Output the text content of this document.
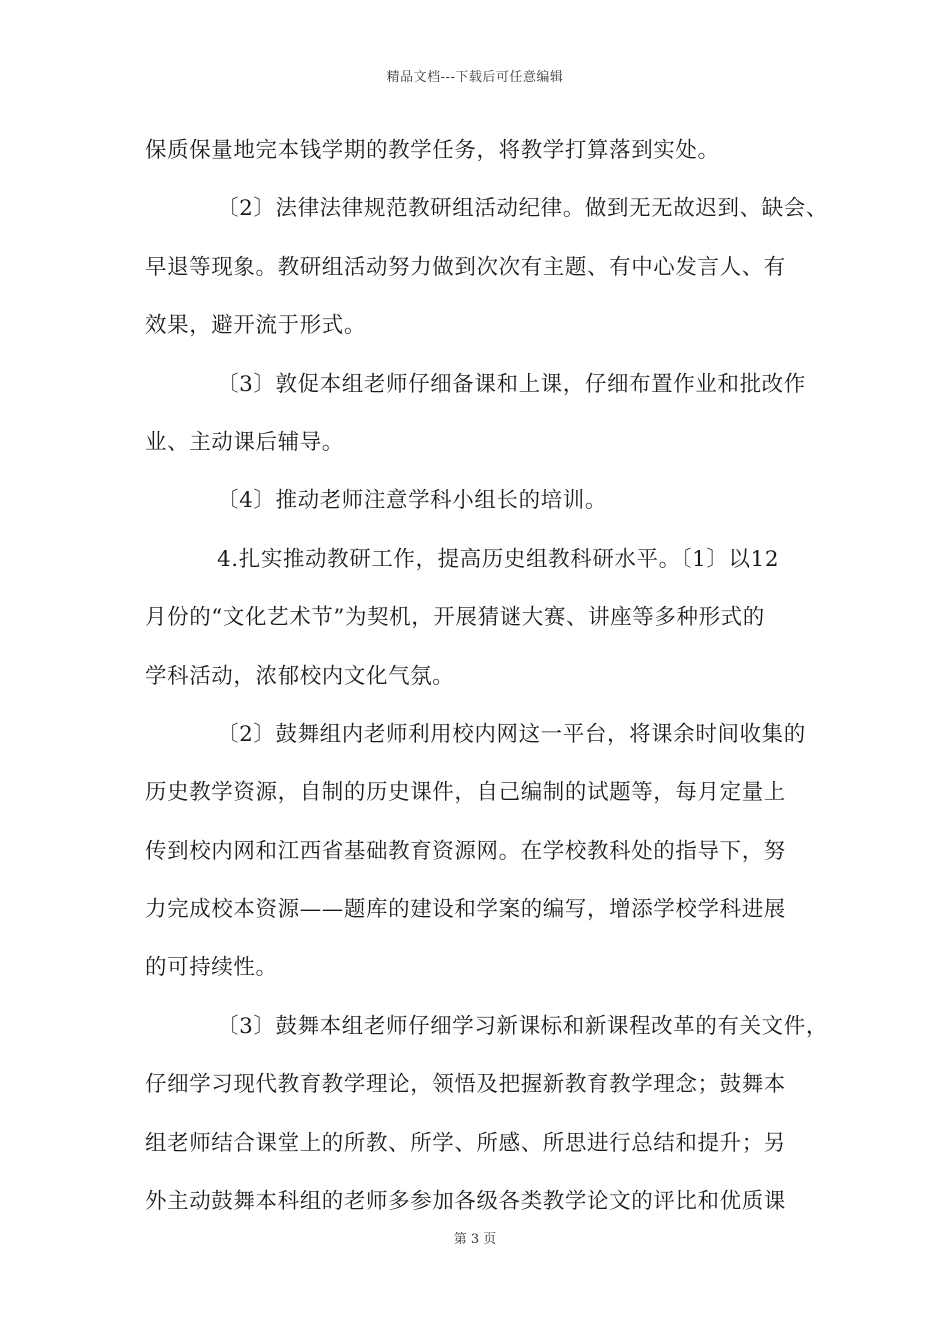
精品文档---下载后可任意编辑
保质保量地完本钱学期的教学任务，将教学打算落到实处。
〔2〕法律法律规范教研组活动纪律。做到无无故迟到、缺会、
早退等现象。教研组活动努力做到次次有主题、有中心发言人、有
效果，避开流于形式。
〔3〕敦促本组老师仔细备课和上课，仔细布置作业和批改作
业、主动课后辅导。
〔4〕推动老师注意学科小组长的培训。
4.扎实推动教研工作，提高历史组教科研水平。〔1〕以12
月份的“文化艺术节”为契机，开展猜谜大赛、讲座等多种形式的
学科活动，浓郁校内文化气氛。
〔2〕鼓舞组内老师利用校内网这一平台，将课余时间收集的
历史教学资源，自制的历史课件，自己编制的试题等，每月定量上
传到校内网和江西省基础教育资源网。在学校教科处的指导下，努
力完成校本资源——题库的建设和学案的编写，增添学校学科进展
的可持续性。
〔3〕鼓舞本组老师仔细学习新课标和新课程改革的有关文件，
仔细学习现代教育教学理论，领悟及把握新教育教学理念；鼓舞本
组老师结合课堂上的所教、所学、所感、所思进行总结和提升；另
外主动鼓舞本科组的老师多参加各级各类教学论文的评比和优质课
第 3 页
